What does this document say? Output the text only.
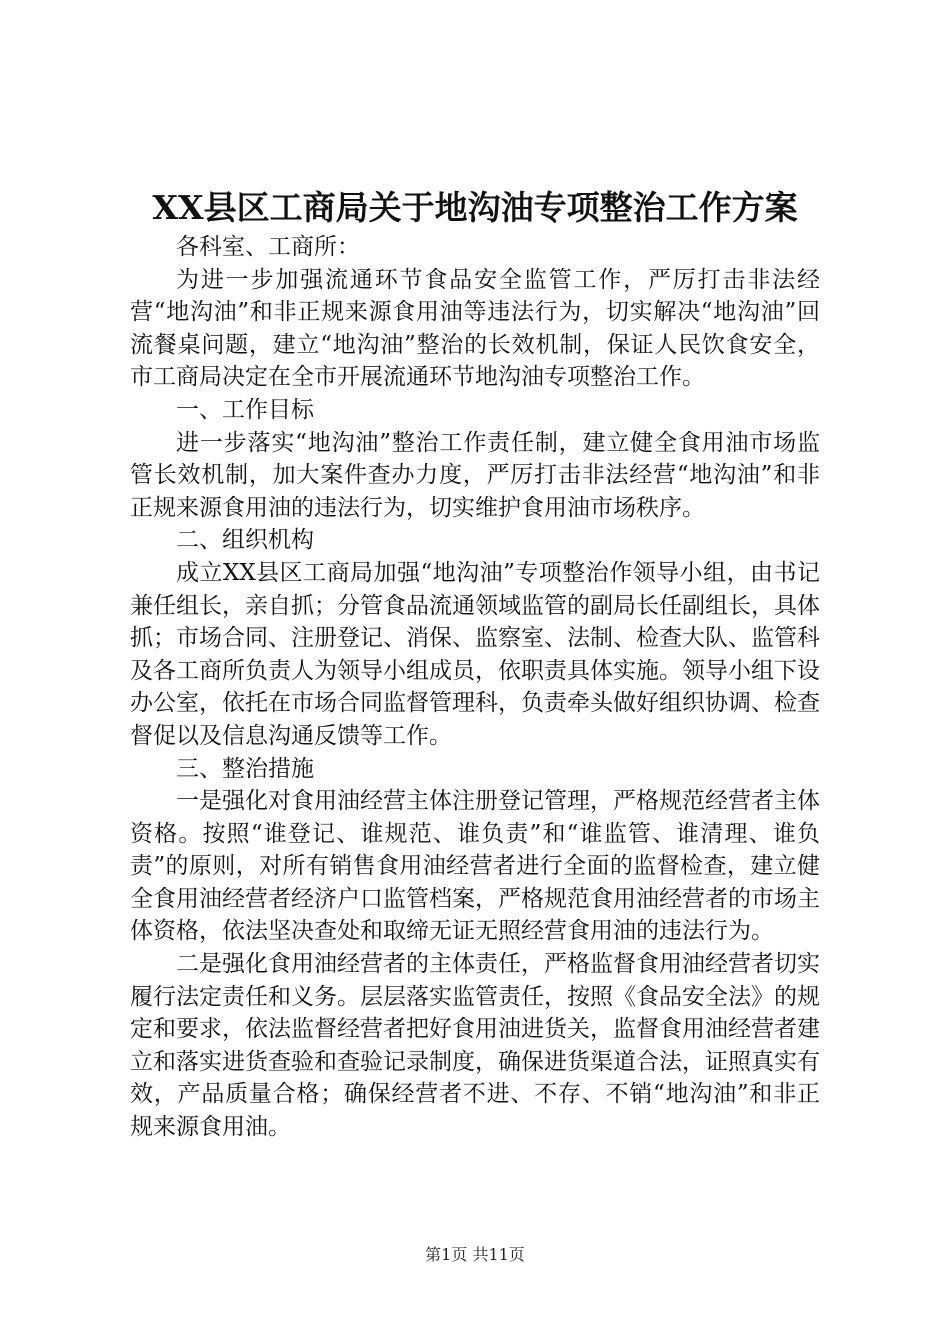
XX县区工商局关于地沟油专项整治工作方案

各科室、工商所：

为进一步加强流通环节食品安全监管工作，严厉打击非法经营“地沟油”和非正规来源食用油等违法行为，切实解决“地沟油”回流餐桌问题，建立“地沟油”整治的长效机制，保证人民饮食安全，市工商局决定在全市开展流通环节地沟油专项整治工作。

一、工作目标

进一步落实“地沟油”整治工作责任制，建立健全食用油市场监管长效机制，加大案件查办力度，严厉打击非法经营“地沟油”和非正规来源食用油的违法行为，切实维护食用油市场秩序。

二、组织机构

成立XX县区工商局加强“地沟油”专项整治作领导小组，由书记兼任组长，亲自抓；分管食品流通领域监管的副局长任副组长，具体抓；市场合同、注册登记、消保、监察室、法制、检查大队、监管科及各工商所负责人为领导小组成员，依职责具体实施。领导小组下设办公室，依托在市场合同监督管理科，负责牵头做好组织协调、检查督促以及信息沟通反馈等工作。

三、整治措施

一是强化对食用油经营主体注册登记管理，严格规范经营者主体资格。按照“谁登记、谁规范、谁负责”和“谁监管、谁清理、谁负责”的原则，对所有销售食用油经营者进行全面的监督检查，建立健全食用油经营者经济户口监管档案，严格规范食用油经营者的市场主体资格，依法坚决查处和取缔无证无照经营食用油的违法行为。

二是强化食用油经营者的主体责任，严格监督食用油经营者切实履行法定责任和义务。层层落实监管责任，按照《食品安全法》的规定和要求，依法监督经营者把好食用油进货关，监督食用油经营者建立和落实进货查验和查验记录制度，确保进货渠道合法，证照真实有效，产品质量合格；确保经营者不进、不存、不销“地沟油”和非正规来源食用油。

第1页 共11页
